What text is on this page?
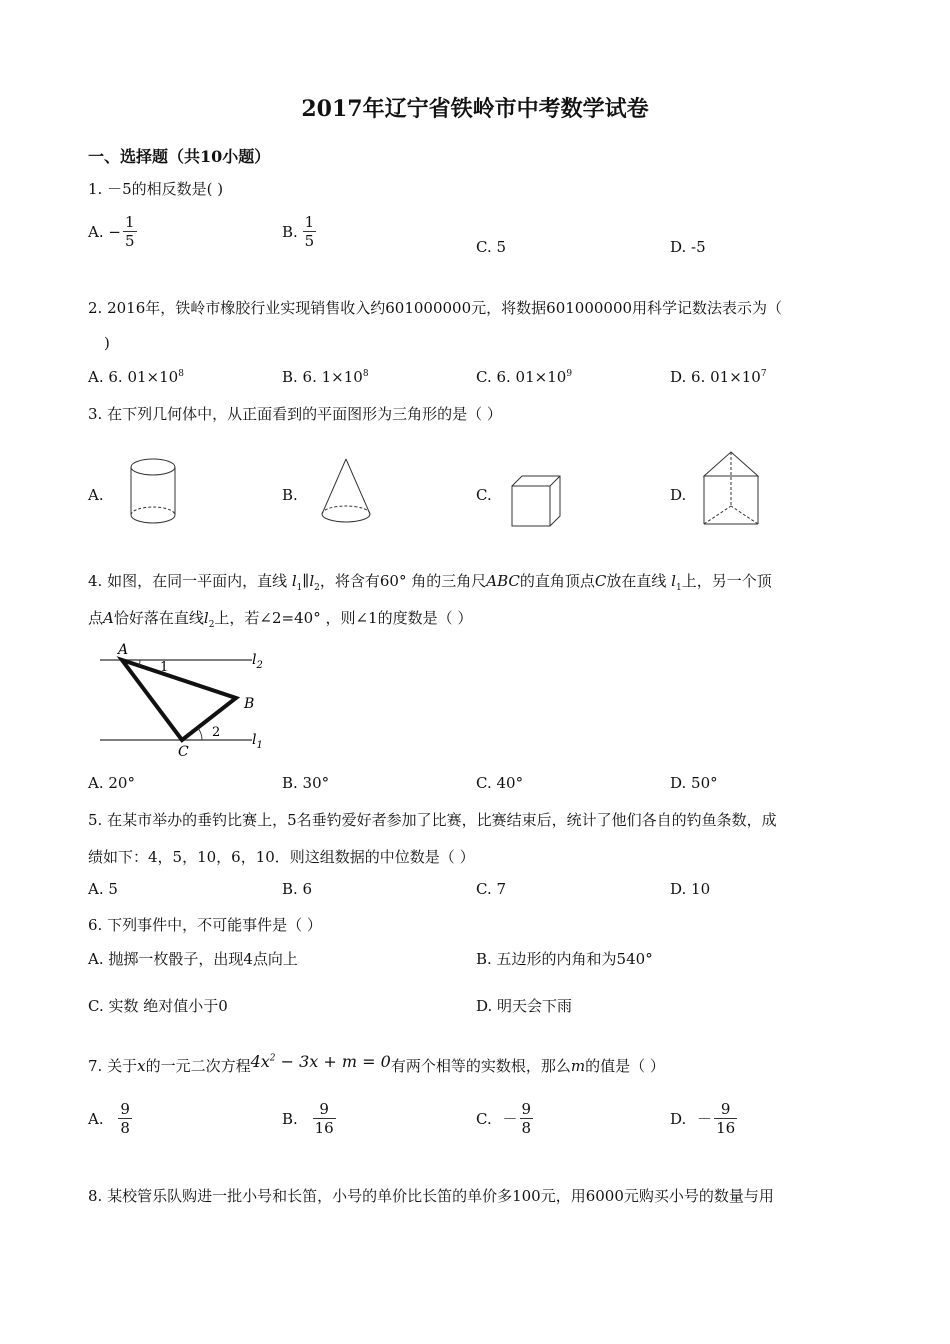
2017年辽宁省铁岭市中考数学试卷
一、选择题（共10小题）
1. －5的相反数是( )
A. − $\frac{1}{5}$	B. $\frac{1}{5}$	C. 5	D. -5
2. 2016年，铁岭市橡胶行业实现销售收入约601000000元，将数据601000000用科学记数法表示为（
)
A. 6. $01\times 10^8$	B. 6. $1\times 10^8$	C. 6. $01\times 10^9$	D. 6. $01\times 10^7$
3. 在下列几何体中，从正面看到的平面图形为三角形的是（ ）
A.	B.	C.	D.
4. 如图，在同一平面内，直线 $l_1\parallel l_2$，将含有60° 角的三角尺ABC的直角顶点C放在直线 $l_1$上，另一个顶
点A恰好落在直线$l_2$上，若∠2=40° ，则∠1的度数是（ ）
A
1
B
2
C
$l_2$
$l_1$
A. 20°	B. 30°	C. 40°	D. 50°
5. 在某市举办的垂钓比赛上，5名垂钓爱好者参加了比赛，比赛结束后，统计了他们各自的钓鱼条数，成
绩如下：4，5，10，6，10．则这组数据的中位数是（ ）
A. 5	B. 6	C. 7	D. 10
6. 下列事件中，不可能事件是（ ）
A. 抛掷一枚骰子，出现4点向上	B. 五边形的内角和为540°
C. 实数 绝对值小于0	D. 明天会下雨
7. 关于x的一元二次方程$4x^2 - 3x + m = 0$有两个相等的实数根，那么m的值是（ ）
A. $\frac{9}{8}$	B. $\frac{9}{16}$	C. － $\frac{9}{8}$	D. － $\frac{9}{16}$
8. 某校管乐队购进一批小号和长笛，小号的单价比长笛的单价多100元，用6000元购买小号的数量与用
